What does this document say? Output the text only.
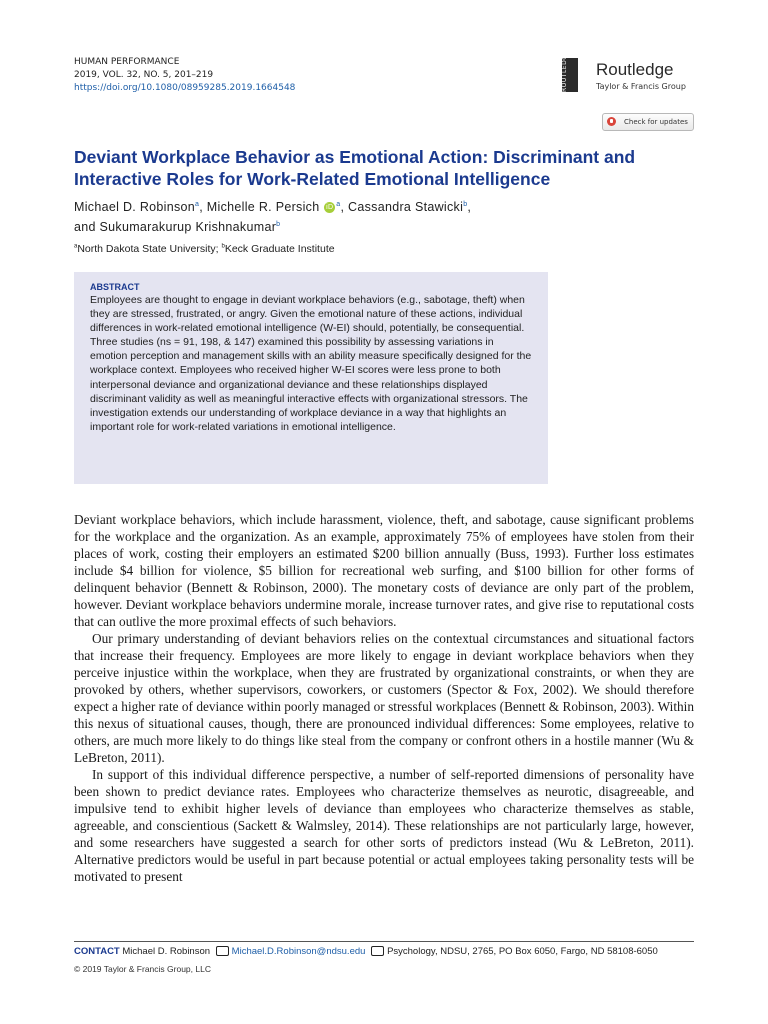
HUMAN PERFORMANCE
2019, VOL. 32, NO. 5, 201–219
https://doi.org/10.1080/08959285.2019.1664548	ROUTLEDGE	Routledge
Taylor & Francis Group
Check for updates
Deviant Workplace Behavior as Emotional Action: Discriminant and Interactive Roles for Work-Related Emotional Intelligence
Michael D. Robinson$^a$, Michelle R. Persich iD $^a$, Cassandra Stawicki$^b$,
and Sukumarakurup Krishnakumar$^b$
$^a$North Dakota State University; $^b$Keck Graduate Institute
ABSTRACT

Employees are thought to engage in deviant workplace behaviors (e.g., sabotage, theft) when they are stressed, frustrated, or angry. Given the emotional nature of these actions, individual differences in work-related emotional intelligence (W-EI) should, potentially, be consequential. Three studies (ns = 91, 198, & 147) examined this possibility by assessing variations in emotion perception and management skills with an ability measure specifically designed for the workplace context. Employees who received higher W-EI scores were less prone to both interpersonal deviance and organizational deviance and these relationships displayed discriminant validity as well as meaningful interactive effects with organizational stressors. The investigation extends our understanding of workplace deviance in a way that highlights an important role for work-related variations in emotional intelligence.

Deviant workplace behaviors, which include harassment, violence, theft, and sabotage, cause significant problems for the workplace and the organization. As an example, approximately 75% of employees have stolen from their places of work, costing their employers an estimated $200 billion annually (Buss, 1993). Further loss estimates include $4 billion for violence, $5 billion for recreational web surfing, and $100 billion for other forms of delinquent behavior (Bennett & Robinson, 2000). The monetary costs of deviance are only part of the problem, however. Deviant workplace behaviors undermine morale, increase turnover rates, and give rise to reputational costs that can outlive the more proximal effects of such behaviors.

Our primary understanding of deviant behaviors relies on the contextual circumstances and situational factors that increase their frequency. Employees are more likely to engage in deviant workplace behaviors when they perceive injustice within the workplace, when they are frustrated by organizational constraints, or when they are provoked by others, whether supervisors, coworkers, or customers (Spector & Fox, 2002). We should therefore expect a higher rate of deviance within poorly managed or stressful workplaces (Bennett & Robinson, 2003). Within this nexus of situational causes, though, there are pronounced individual differences: Some employees, relative to others, are much more likely to do things like steal from the company or confront others in a hostile manner (Wu & LeBreton, 2011).

In support of this individual difference perspective, a number of self-reported dimensions of personality have been shown to predict deviance rates. Employees who characterize themselves as neurotic, disagreeable, and impulsive tend to exhibit higher levels of deviance than employees who characterize themselves as stable, agreeable, and conscientious (Sackett & Walmsley, 2014). These relationships are not particularly large, however, and some researchers have suggested a search for other sorts of predictors instead (Wu & LeBreton, 2011). Alternative predictors would be useful in part because potential or actual employees taking personality tests will be motivated to present

CONTACT Michael D. Robinson Michael.D.Robinson@ndsu.edu Psychology, NDSU, 2765, PO Box 6050, Fargo, ND 58108-6050
© 2019 Taylor & Francis Group, LLC
